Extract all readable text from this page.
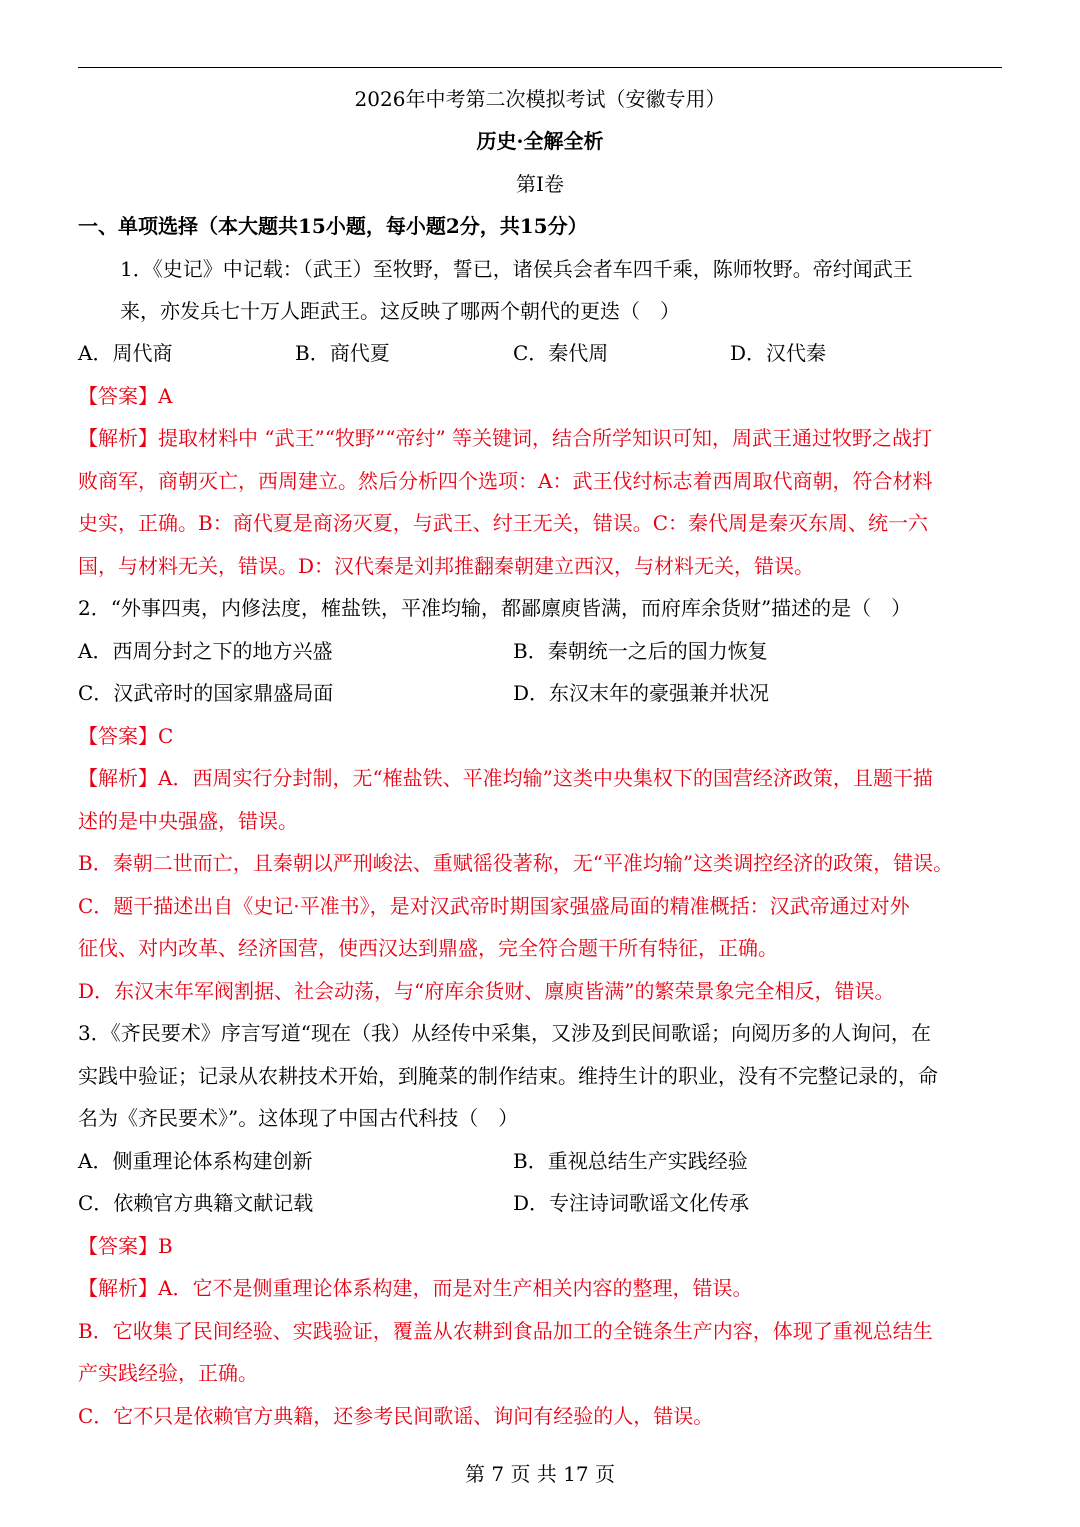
2026年中考第二次模拟考试（安徽专用）
历史·全解全析
第I卷
一、单项选择（本大题共15小题，每小题2分，共15分）
1．《史记》中记载：（武王）至牧野，誓已，诸侯兵会者车四千乘，陈师牧野。帝纣闻武王
来，亦发兵七十万人距武王。这反映了哪两个朝代的更迭（　）
A．周代商	B．商代夏	C．秦代周	D．汉代秦
【答案】A
【解析】提取材料中 “武王”“牧野”“帝纣” 等关键词，结合所学知识可知，周武王通过牧野之战打
败商军，商朝灭亡，西周建立。然后分析四个选项：A：武王伐纣标志着西周取代商朝，符合材料
史实，正确。B：商代夏是商汤灭夏，与武王、纣王无关，错误。C：秦代周是秦灭东周、统一六
国，与材料无关，错误。D：汉代秦是刘邦推翻秦朝建立西汉，与材料无关，错误。
2．“外事四夷，内修法度，榷盐铁，平准均输，都鄙廪庾皆满，而府库余货财”描述的是（　）
A．西周分封之下的地方兴盛	B．秦朝统一之后的国力恢复
C．汉武帝时的国家鼎盛局面	D．东汉末年的豪强兼并状况
【答案】C
【解析】A．西周实行分封制，无“榷盐铁、平准均输”这类中央集权下的国营经济政策，且题干描
述的是中央强盛，错误。
B．秦朝二世而亡，且秦朝以严刑峻法、重赋徭役著称，无“平准均输”这类调控经济的政策，错误。
C．题干描述出自《史记·平准书》，是对汉武帝时期国家强盛局面的精准概括：汉武帝通过对外
征伐、对内改革、经济国营，使西汉达到鼎盛，完全符合题干所有特征，正确。
D．东汉末年军阀割据、社会动荡，与“府库余货财、廪庾皆满”的繁荣景象完全相反，错误。
3．《齐民要术》序言写道“现在（我）从经传中采集，又涉及到民间歌谣；向阅历多的人询问，在
实践中验证；记录从农耕技术开始，到腌菜的制作结束。维持生计的职业，没有不完整记录的，命
名为《齐民要术》”。这体现了中国古代科技（　）
A．侧重理论体系构建创新	B．重视总结生产实践经验
C．依赖官方典籍文献记载	D．专注诗词歌谣文化传承
【答案】B
【解析】A．它不是侧重理论体系构建，而是对生产相关内容的整理，错误。
B．它收集了民间经验、实践验证，覆盖从农耕到食品加工的全链条生产内容，体现了重视总结生
产实践经验，正确。
C．它不只是依赖官方典籍，还参考民间歌谣、询问有经验的人，错误。
第 7 页 共 17 页
